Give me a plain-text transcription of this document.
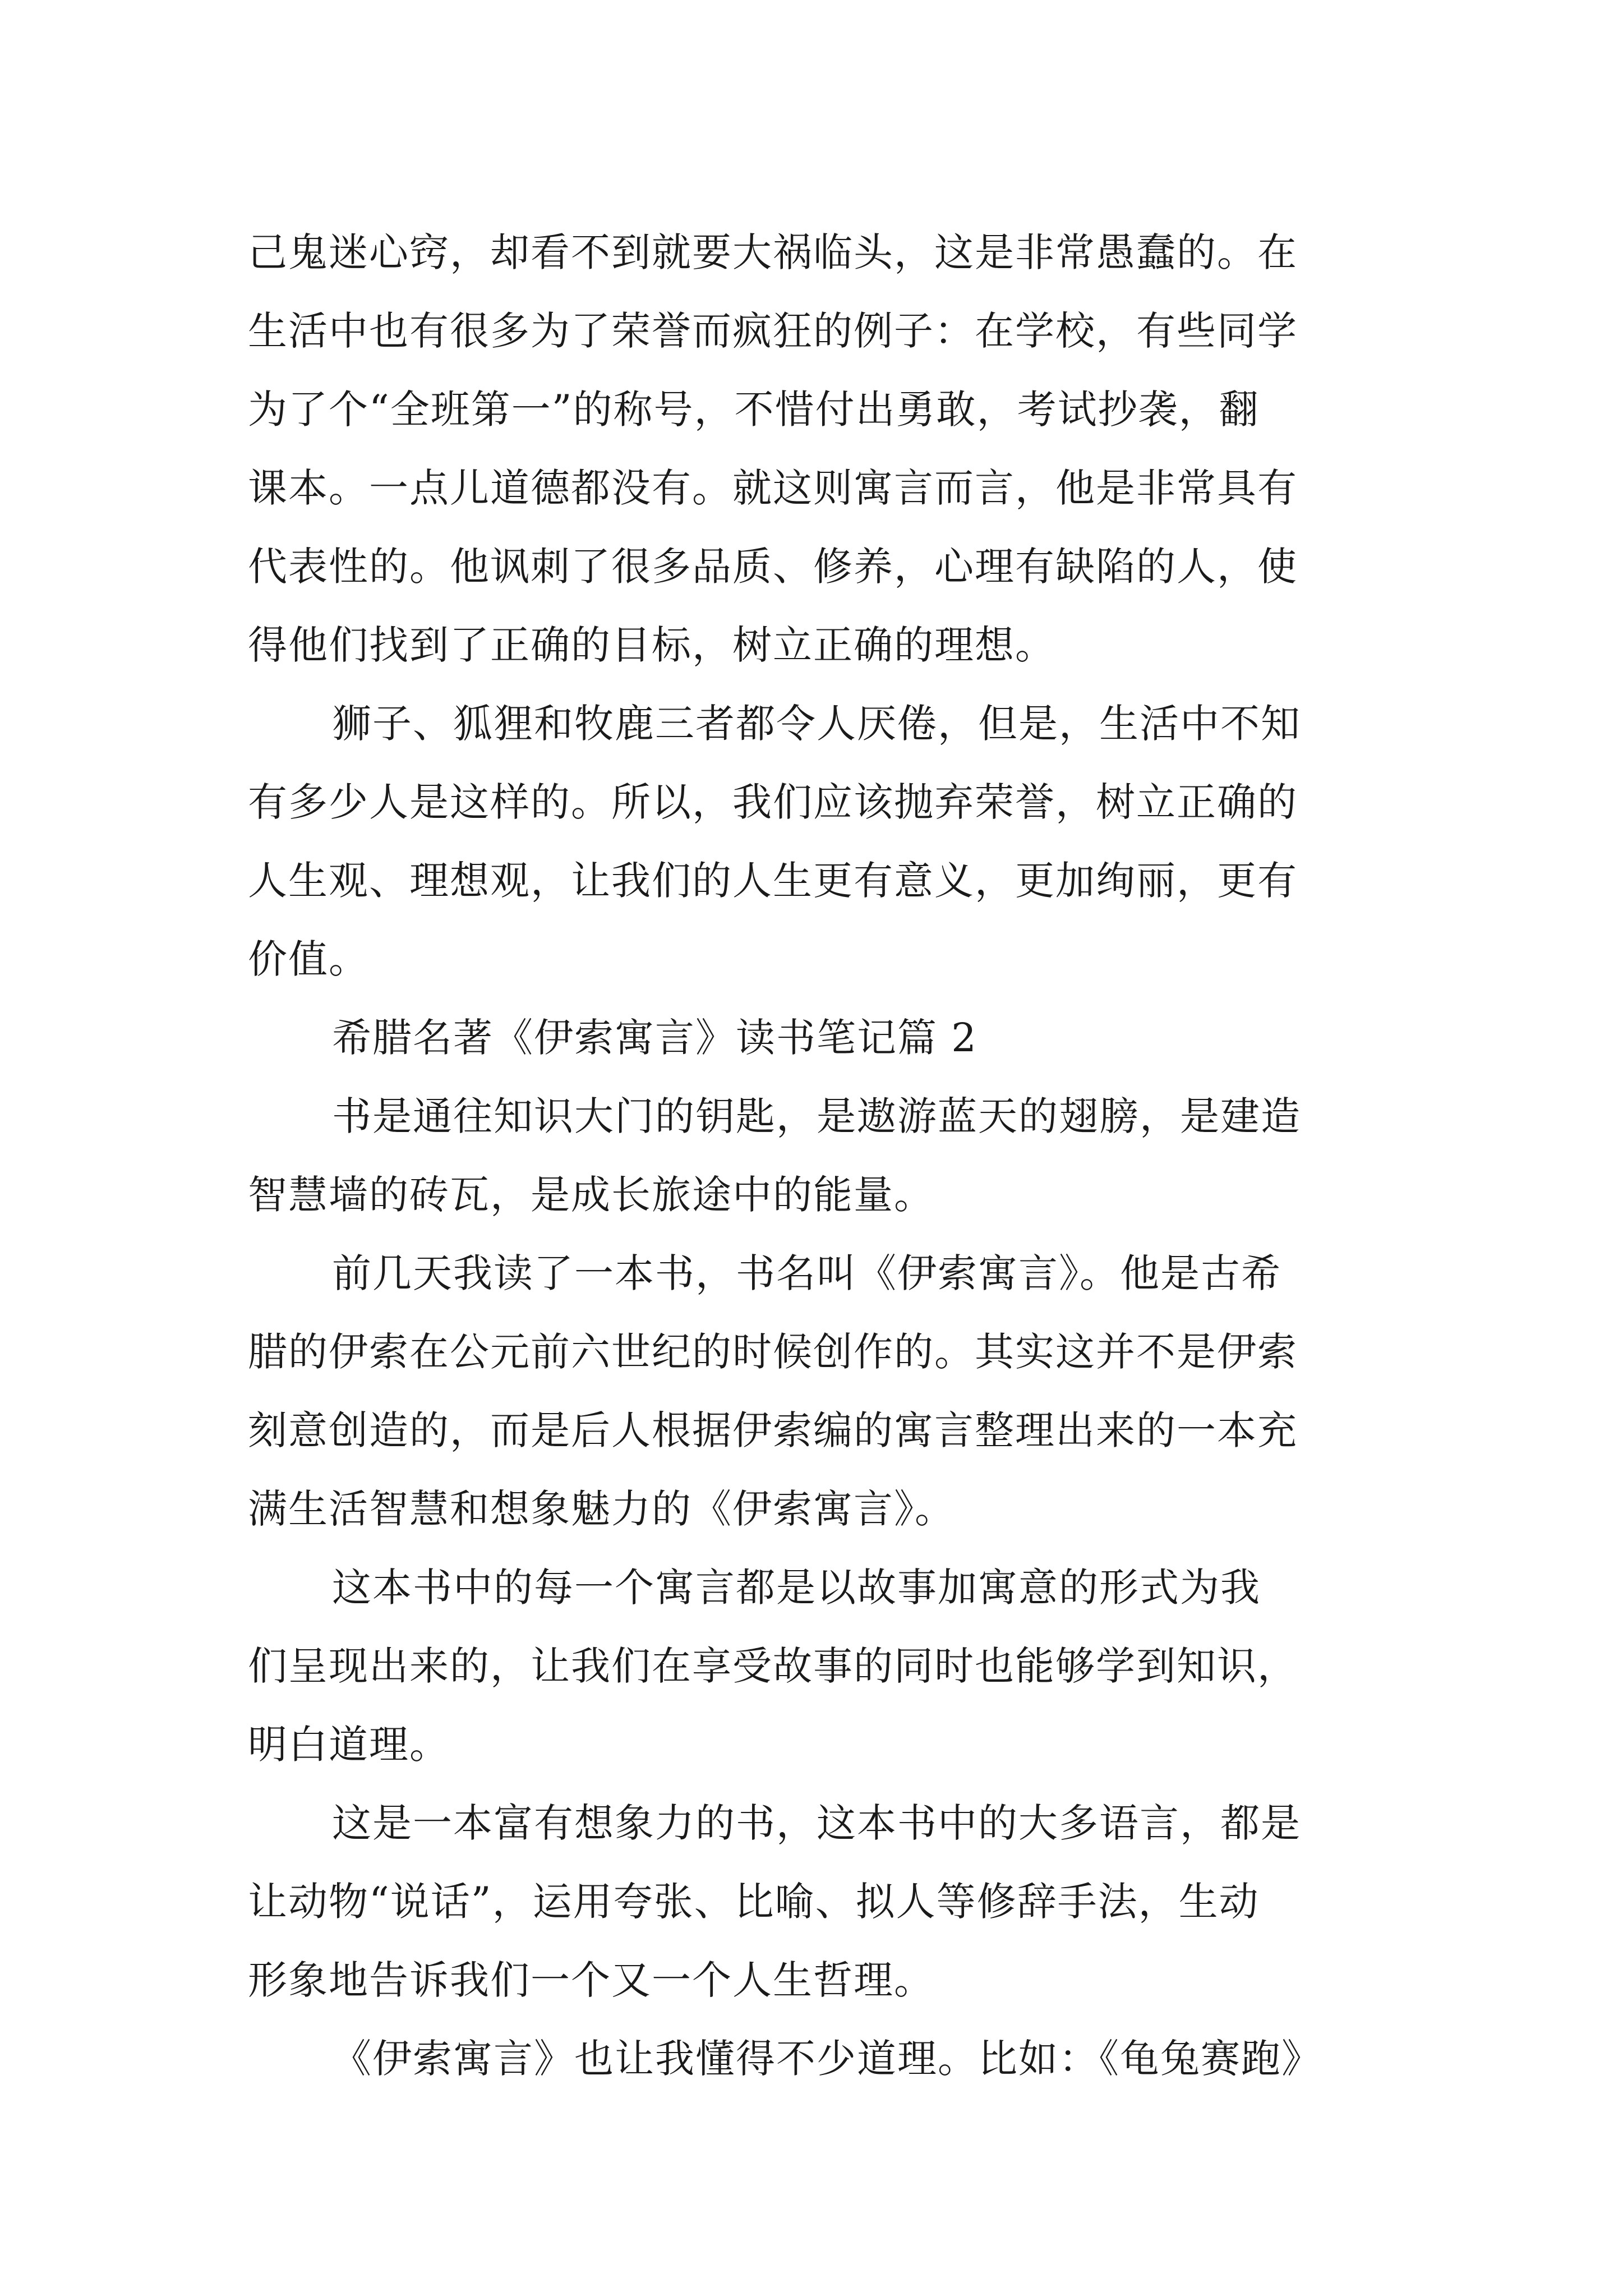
己鬼迷心窍，却看不到就要大祸临头，这是非常愚蠢的。在
生活中也有很多为了荣誉而疯狂的例子：在学校，有些同学
为了个“全班第一”的称号，不惜付出勇敢，考试抄袭，翻
课本。一点儿道德都没有。就这则寓言而言，他是非常具有
代表性的。他讽刺了很多品质、修养，心理有缺陷的人，使
得他们找到了正确的目标，树立正确的理想。
狮子、狐狸和牧鹿三者都令人厌倦，但是，生活中不知
有多少人是这样的。所以，我们应该抛弃荣誉，树立正确的
人生观、理想观，让我们的人生更有意义，更加绚丽，更有
价值。
希腊名著《伊索寓言》读书笔记篇 2
书是通往知识大门的钥匙，是遨游蓝天的翅膀，是建造
智慧墙的砖瓦，是成长旅途中的能量。
前几天我读了一本书，书名叫《伊索寓言》。他是古希
腊的伊索在公元前六世纪的时候创作的。其实这并不是伊索
刻意创造的，而是后人根据伊索编的寓言整理出来的一本充
满生活智慧和想象魅力的《伊索寓言》。
这本书中的每一个寓言都是以故事加寓意的形式为我
们呈现出来的，让我们在享受故事的同时也能够学到知识，
明白道理。
这是一本富有想象力的书，这本书中的大多语言，都是
让动物“说话”，运用夸张、比喻、拟人等修辞手法，生动
形象地告诉我们一个又一个人生哲理。
《伊索寓言》也让我懂得不少道理。比如：《龟兔赛跑》
